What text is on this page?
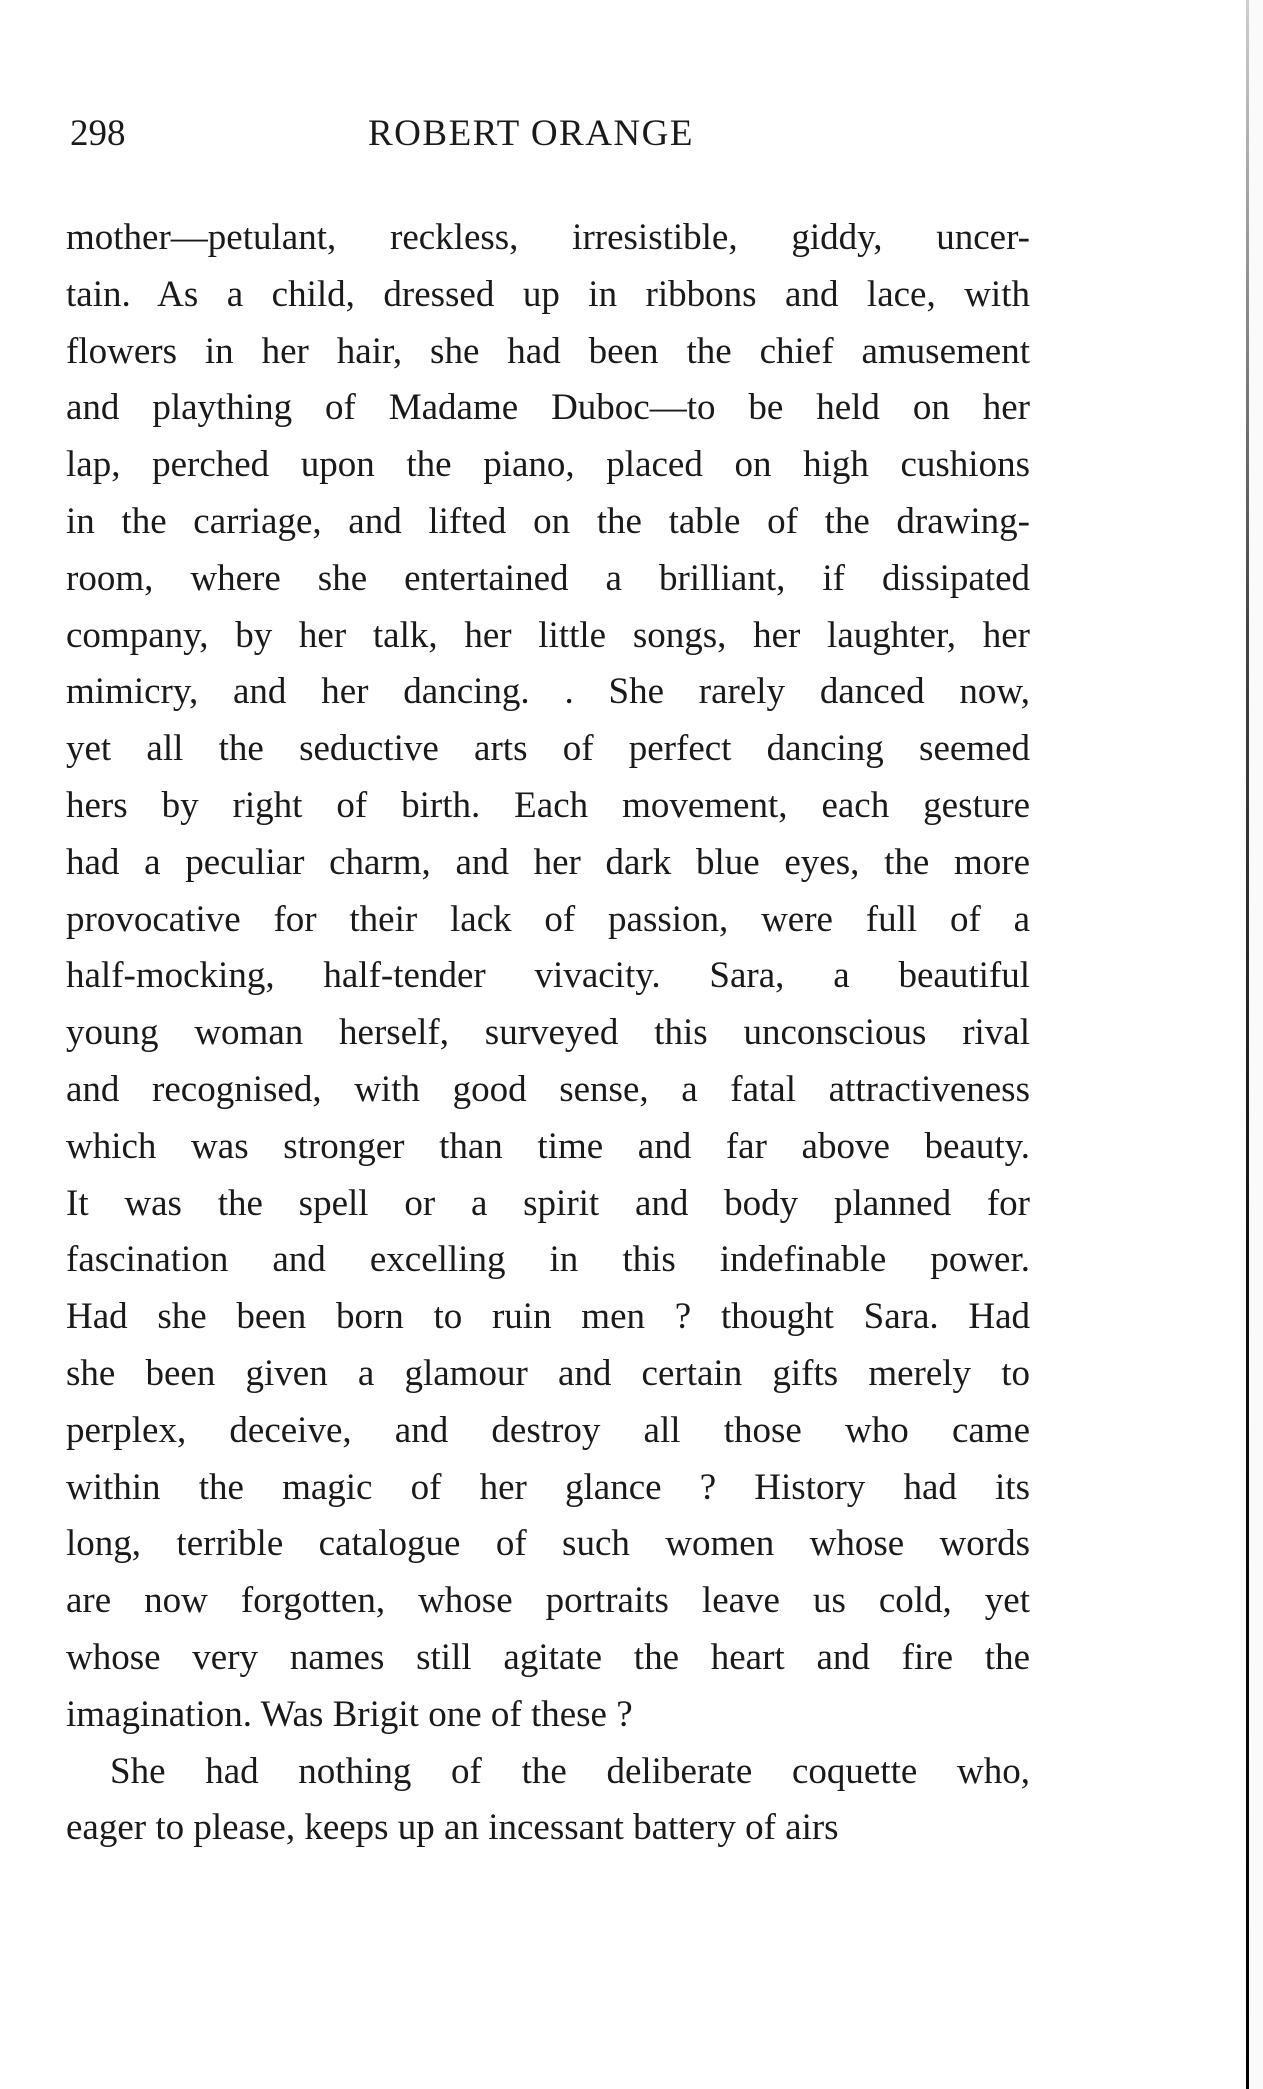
298	ROBERT ORANGE
mother—petulant, reckless, irresistible, giddy, uncer-
tain. As a child, dressed up in ribbons and lace, with
flowers in her hair, she had been the chief amusement
and plaything of Madame Duboc—to be held on her
lap, perched upon the piano, placed on high cushions
in the carriage, and lifted on the table of the drawing-
room, where she entertained a brilliant, if dissipated
company, by her talk, her little songs, her laughter, her
mimicry, and her dancing. . She rarely danced now,
yet all the seductive arts of perfect dancing seemed
hers by right of birth. Each movement, each gesture
had a peculiar charm, and her dark blue eyes, the more
provocative for their lack of passion, were full of a
half-mocking, half-tender vivacity. Sara, a beautiful
young woman herself, surveyed this unconscious rival
and recognised, with good sense, a fatal attractiveness
which was stronger than time and far above beauty.
It was the spell or a spirit and body planned for
fascination and excelling in this indefinable power.
Had she been born to ruin men ? thought Sara. Had
she been given a glamour and certain gifts merely to
perplex, deceive, and destroy all those who came
within the magic of her glance ? History had its
long, terrible catalogue of such women whose words
are now forgotten, whose portraits leave us cold, yet
whose very names still agitate the heart and fire the
imagination. Was Brigit one of these ?
She had nothing of the deliberate coquette who,
eager to please, keeps up an incessant battery of airs
